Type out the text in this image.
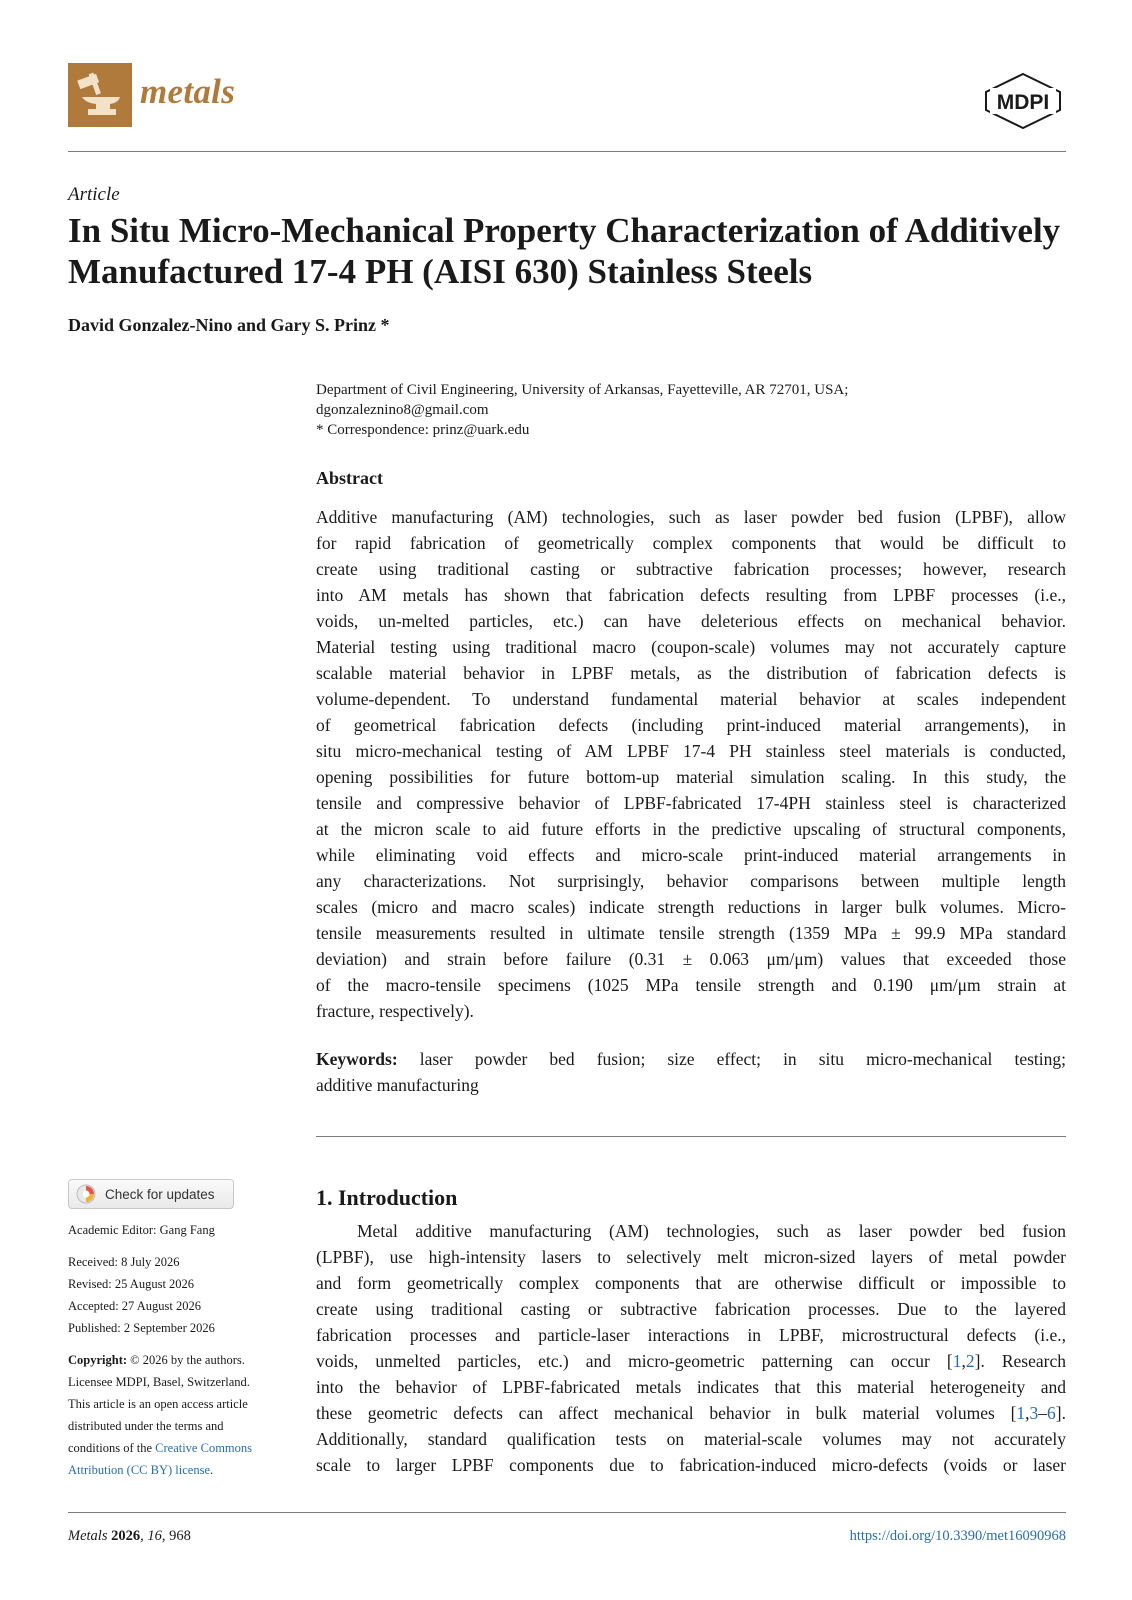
metals	MDPI
Article
In Situ Micro-Mechanical Property Characterization of Additively Manufactured 17-4 PH (AISI 630) Stainless Steels
David Gonzalez-Nino and Gary S. Prinz *
Department of Civil Engineering, University of Arkansas, Fayetteville, AR 72701, USA;
dgonzaleznino8@gmail.com
* Correspondence: prinz@uark.edu
Abstract
Additive manufacturing (AM) technologies, such as laser powder bed fusion (LPBF), allow
for rapid fabrication of geometrically complex components that would be difficult to
create using traditional casting or subtractive fabrication processes; however, research
into AM metals has shown that fabrication defects resulting from LPBF processes (i.e.,
voids, un-melted particles, etc.) can have deleterious effects on mechanical behavior.
Material testing using traditional macro (coupon-scale) volumes may not accurately capture
scalable material behavior in LPBF metals, as the distribution of fabrication defects is
volume-dependent. To understand fundamental material behavior at scales independent
of geometrical fabrication defects (including print-induced material arrangements), in
situ micro-mechanical testing of AM LPBF 17-4 PH stainless steel materials is conducted,
opening possibilities for future bottom-up material simulation scaling. In this study, the
tensile and compressive behavior of LPBF-fabricated 17-4PH stainless steel is characterized
at the micron scale to aid future efforts in the predictive upscaling of structural components,
while eliminating void effects and micro-scale print-induced material arrangements in
any characterizations. Not surprisingly, behavior comparisons between multiple length
scales (micro and macro scales) indicate strength reductions in larger bulk volumes. Micro-
tensile measurements resulted in ultimate tensile strength (1359 MPa ± 99.9 MPa standard
deviation) and strain before failure (0.31 ± 0.063 μm/μm) values that exceeded those
of the macro-tensile specimens (1025 MPa tensile strength and 0.190 μm/μm strain at
fracture, respectively).
Keywords: laser powder bed fusion; size effect; in situ micro-mechanical testing;
additive manufacturing
Check for updates
Academic Editor: Gang Fang
Received: 8 July 2026
Revised: 25 August 2026
Accepted: 27 August 2026
Published: 2 September 2026
Copyright: © 2026 by the authors.
Licensee MDPI, Basel, Switzerland.
This article is an open access article
distributed under the terms and
conditions of the Creative Commons
Attribution (CC BY) license.
1. Introduction
Metal additive manufacturing (AM) technologies, such as laser powder bed fusion
(LPBF), use high-intensity lasers to selectively melt micron-sized layers of metal powder
and form geometrically complex components that are otherwise difficult or impossible to
create using traditional casting or subtractive fabrication processes. Due to the layered
fabrication processes and particle-laser interactions in LPBF, microstructural defects (i.e.,
voids, unmelted particles, etc.) and micro-geometric patterning can occur [1,2]. Research
into the behavior of LPBF-fabricated metals indicates that this material heterogeneity and
these geometric defects can affect mechanical behavior in bulk material volumes [1,3–6].
Additionally, standard qualification tests on material-scale volumes may not accurately
scale to larger LPBF components due to fabrication-induced micro-defects (voids or laser
Metals 2026, 16, 968	https://doi.org/10.3390/met16090968
